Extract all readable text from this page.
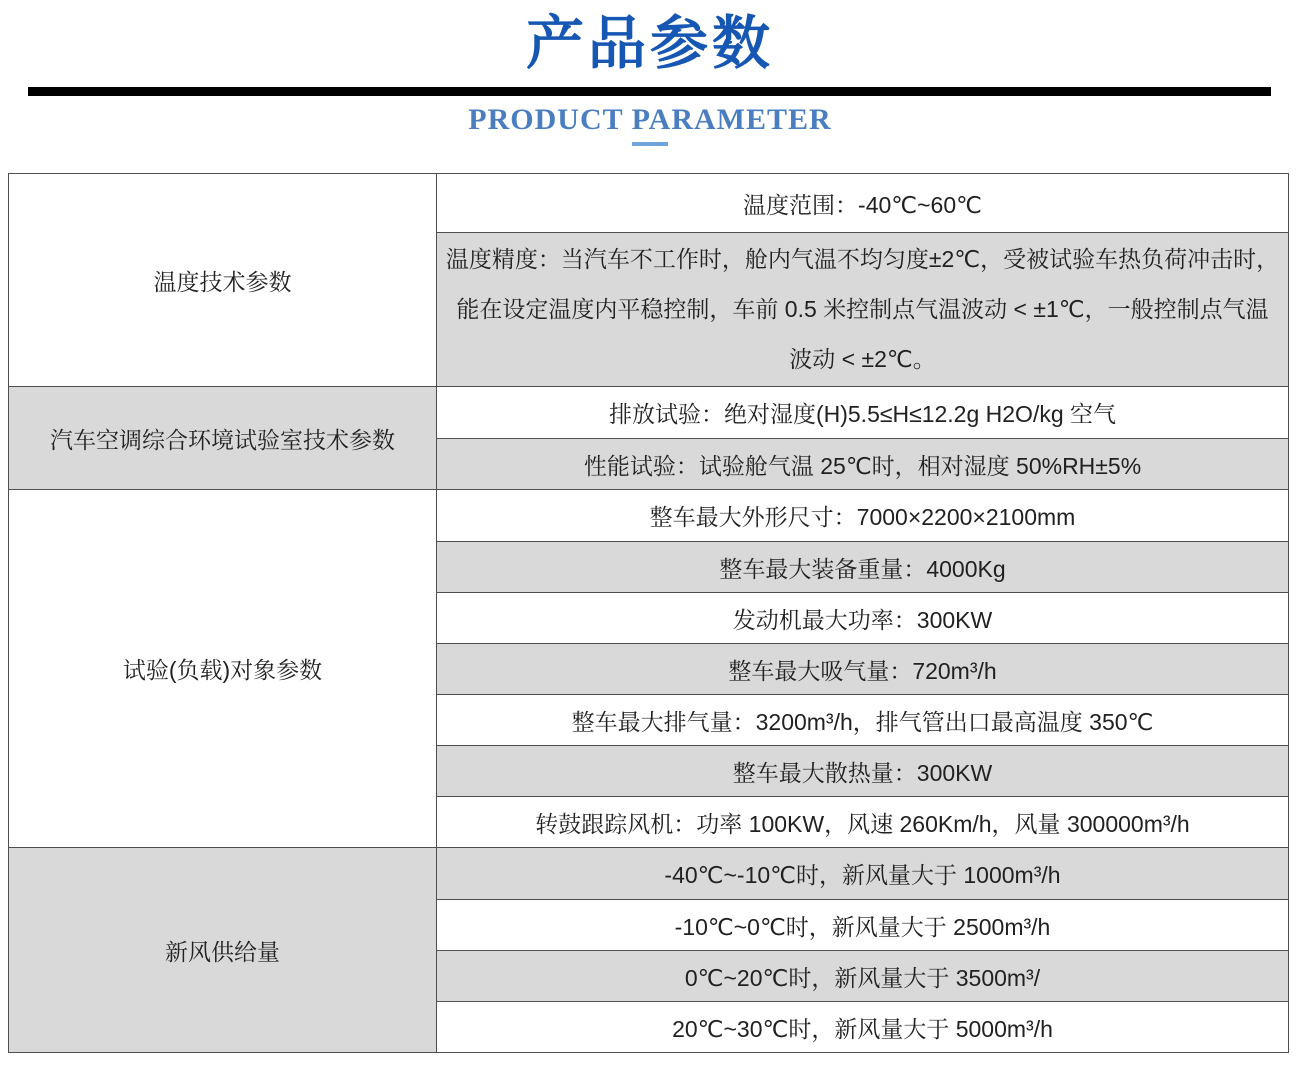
产品参数
PRODUCT PARAMETER
温度技术参数
温度范围：-40℃~60℃
温度精度：当汽车不工作时，舱内气温不均匀度±2℃，受被试验车热负荷冲击时，能在设定温度内平稳控制，车前 0.5 米控制点气温波动 < ±1℃，一般控制点气温波动 < ±2℃。
汽车空调综合环境试验室技术参数
排放试验：绝对湿度(H)5.5≤H≤12.2g H2O/kg 空气
性能试验：试验舱气温 25℃时，相对湿度 50%RH±5%
试验(负载)对象参数
整车最大外形尺寸：7000×2200×2100mm
整车最大装备重量：4000Kg
发动机最大功率：300KW
整车最大吸气量：720m³/h
整车最大排气量：3200m³/h，排气管出口最高温度 350℃
整车最大散热量：300KW
转鼓跟踪风机：功率 100KW，风速 260Km/h，风量 300000m³/h
新风供给量
-40℃~-10℃时，新风量大于 1000m³/h
-10℃~0℃时，新风量大于 2500m³/h
0℃~20℃时，新风量大于 3500m³/
20℃~30℃时，新风量大于 5000m³/h
